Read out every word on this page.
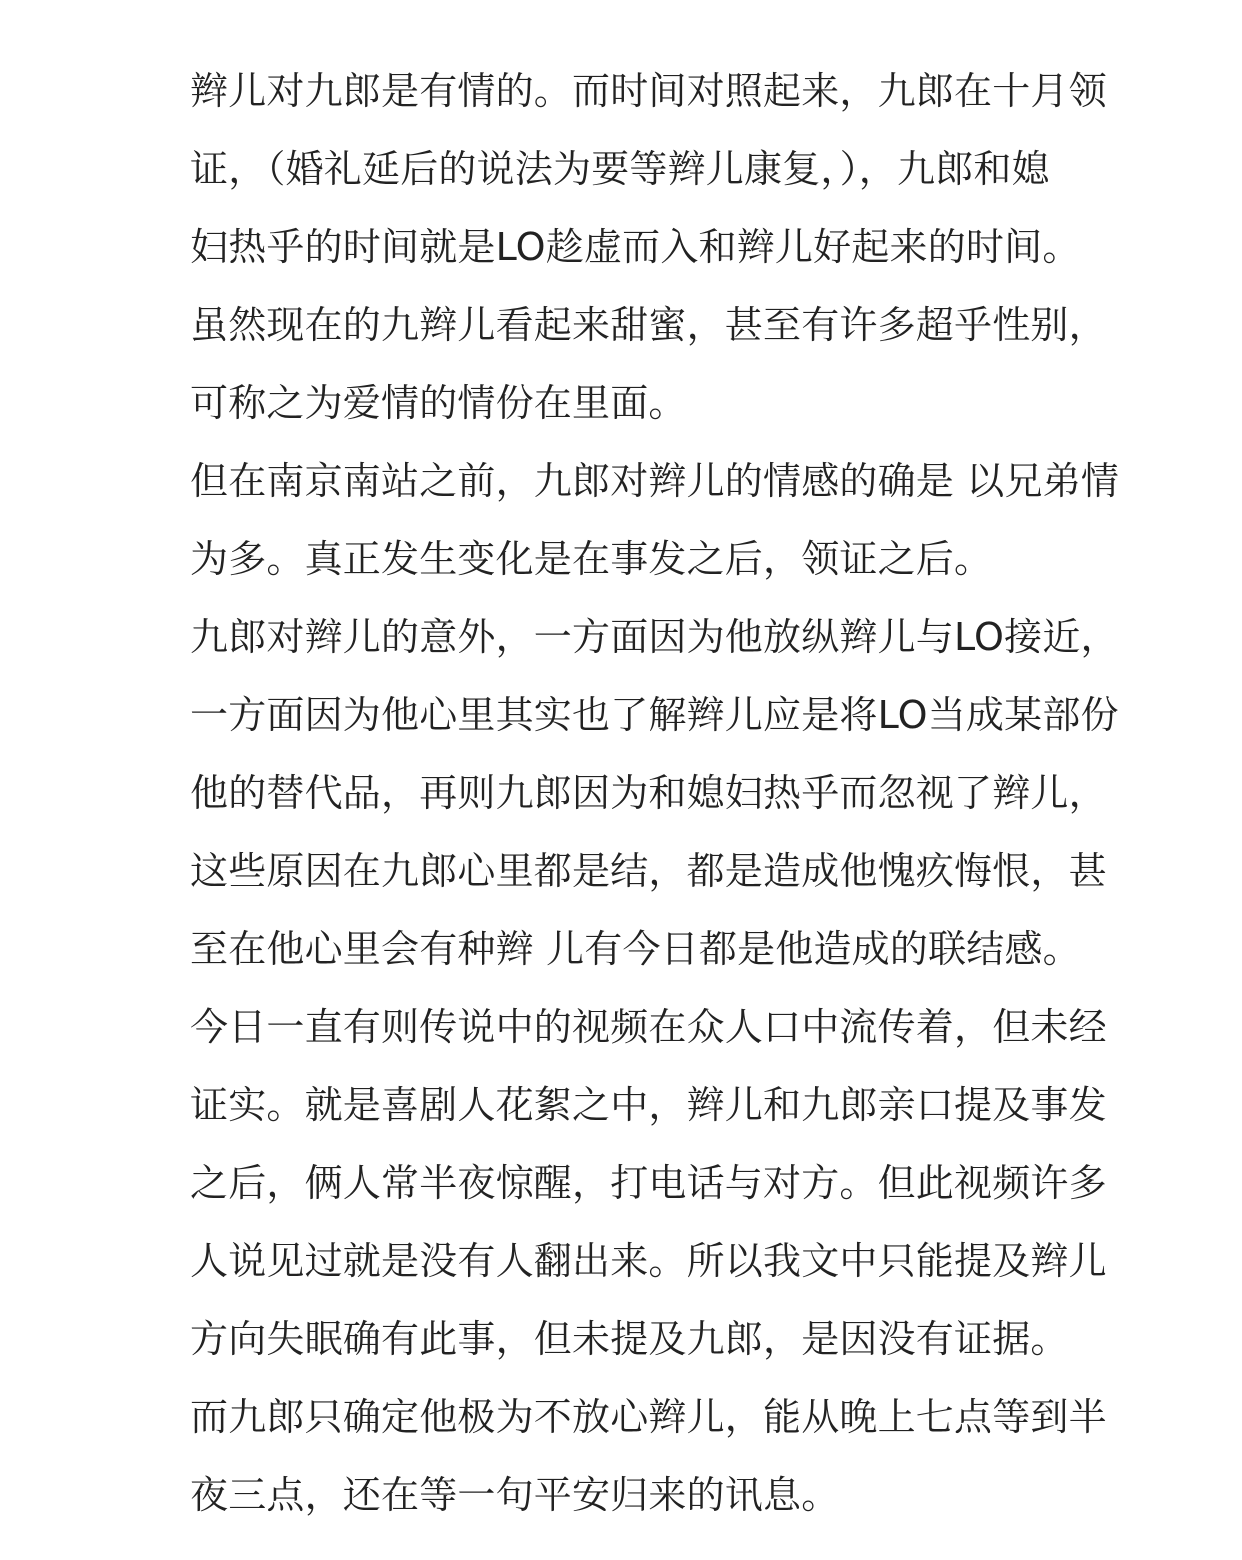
辫儿对九郎是有情的。而时间对照起来，九郎在十月领
证，（婚礼延后的说法为要等辫儿康复，），九郎和媳
妇热乎的时间就是LO趁虚而入和辫儿好起来的时间。
虽然现在的九辫儿看起来甜蜜，甚至有许多超乎性别，
可称之为爱情的情份在里面。
但在南京南站之前，九郎对辫儿的情感的确是 以兄弟情
为多。真正发生变化是在事发之后，领证之后。
九郎对辫儿的意外，一方面因为他放纵辫儿与LO接近，
一方面因为他心里其实也了解辫儿应是将LO当成某部份
他的替代品，再则九郎因为和媳妇热乎而忽视了辫儿，
这些原因在九郎心里都是结，都是造成他愧疚悔恨，甚
至在他心里会有种辫 儿有今日都是他造成的联结感。
今日一直有则传说中的视频在众人口中流传着，但未经
证实。就是喜剧人花絮之中，辫儿和九郎亲口提及事发
之后，俩人常半夜惊醒，打电话与对方。但此视频许多
人说见过就是没有人翻出来。所以我文中只能提及辫儿
方向失眠确有此事，但未提及九郎，是因没有证据。
而九郎只确定他极为不放心辫儿，能从晚上七点等到半
夜三点，还在等一句平安归来的讯息。
